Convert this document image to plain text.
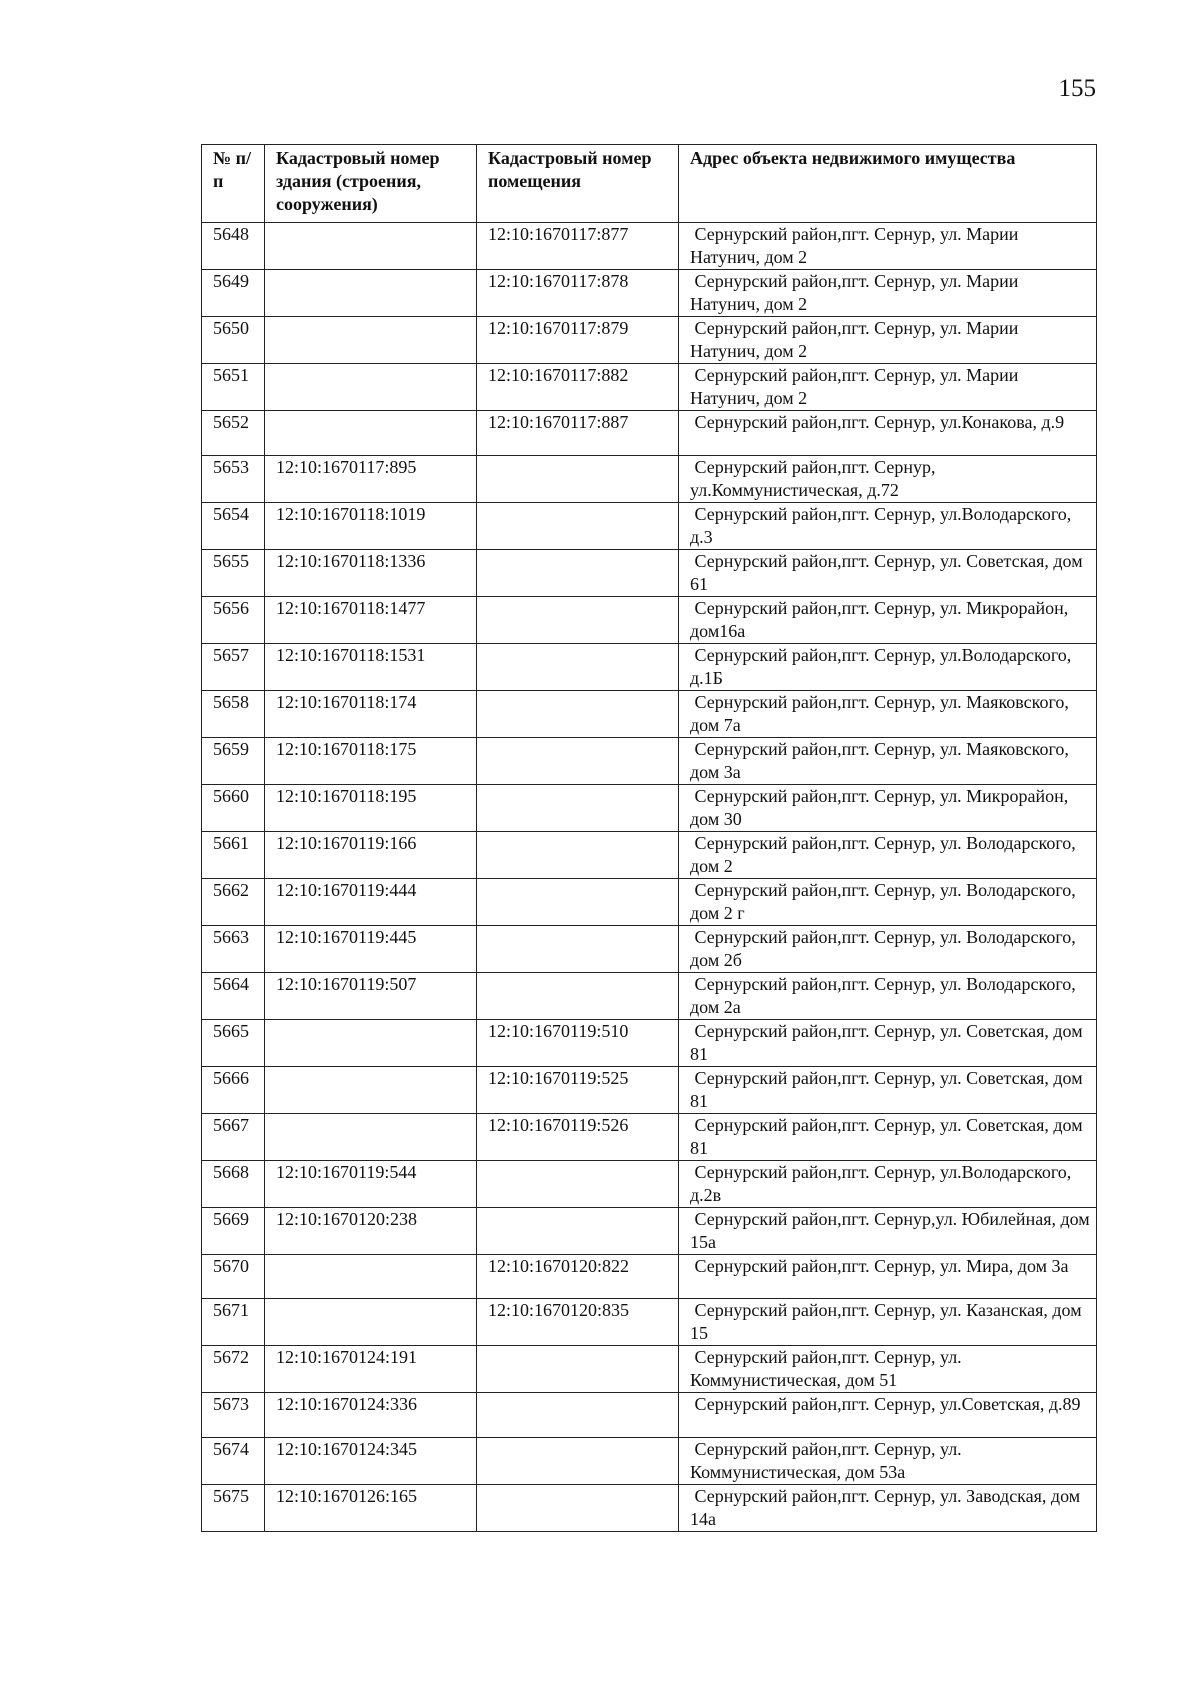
155
№ п/п	Кадастровый номер здания (строения, сооружения)	Кадастровый номер помещения	Адрес объекта недвижимого имущества
5648		12:10:1670117:877	Сернурский район,пгт. Сернур, ул. Марии Натунич, дом 2
5649		12:10:1670117:878	Сернурский район,пгт. Сернур, ул. Марии Натунич, дом 2
5650		12:10:1670117:879	Сернурский район,пгт. Сернур, ул. Марии Натунич, дом 2
5651		12:10:1670117:882	Сернурский район,пгт. Сернур, ул. Марии Натунич, дом 2
5652		12:10:1670117:887	Сернурский район,пгт. Сернур, ул.Конакова, д.9
5653	12:10:1670117:895		Сернурский район,пгт. Сернур, ул.Коммунистическая, д.72
5654	12:10:1670118:1019		Сернурский район,пгт. Сернур, ул.Володарского, д.3
5655	12:10:1670118:1336		Сернурский район,пгт. Сернур, ул. Советская, дом 61
5656	12:10:1670118:1477		Сернурский район,пгт. Сернур, ул. Микрорайон, дом16а
5657	12:10:1670118:1531		Сернурский район,пгт. Сернур, ул.Володарского, д.1Б
5658	12:10:1670118:174		Сернурский район,пгт. Сернур, ул. Маяковского, дом 7а
5659	12:10:1670118:175		Сернурский район,пгт. Сернур, ул. Маяковского, дом 3а
5660	12:10:1670118:195		Сернурский район,пгт. Сернур, ул. Микрорайон, дом 30
5661	12:10:1670119:166		Сернурский район,пгт. Сернур, ул. Володарского, дом 2
5662	12:10:1670119:444		Сернурский район,пгт. Сернур, ул. Володарского, дом 2 г
5663	12:10:1670119:445		Сернурский район,пгт. Сернур, ул. Володарского, дом 2б
5664	12:10:1670119:507		Сернурский район,пгт. Сернур, ул. Володарского, дом 2а
5665		12:10:1670119:510	Сернурский район,пгт. Сернур, ул. Советская, дом 81
5666		12:10:1670119:525	Сернурский район,пгт. Сернур, ул. Советская, дом 81
5667		12:10:1670119:526	Сернурский район,пгт. Сернур, ул. Советская, дом 81
5668	12:10:1670119:544		Сернурский район,пгт. Сернур, ул.Володарского, д.2в
5669	12:10:1670120:238		Сернурский район,пгт. Сернур,ул. Юбилейная, дом 15а
5670		12:10:1670120:822	Сернурский район,пгт. Сернур, ул. Мира, дом 3а
5671		12:10:1670120:835	Сернурский район,пгт. Сернур, ул. Казанская, дом 15
5672	12:10:1670124:191		Сернурский район,пгт. Сернур, ул. Коммунистическая, дом 51
5673	12:10:1670124:336		Сернурский район,пгт. Сернур, ул.Советская, д.89
5674	12:10:1670124:345		Сернурский район,пгт. Сернур, ул. Коммунистическая, дом 53а
5675	12:10:1670126:165		Сернурский район,пгт. Сернур, ул. Заводская, дом 14а
